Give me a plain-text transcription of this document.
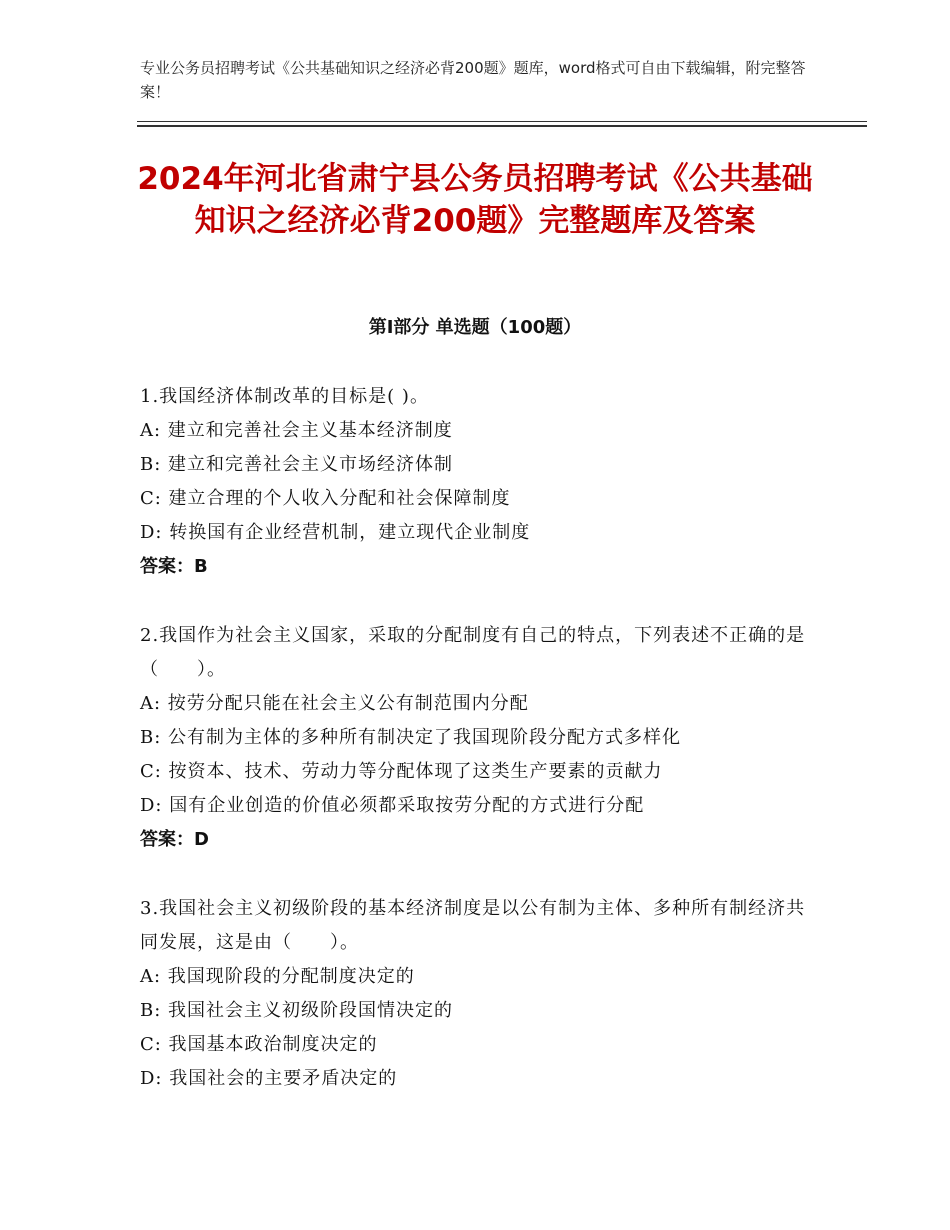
专业公务员招聘考试《公共基础知识之经济必背200题》题库，word格式可自由下载编辑，附完整答案！
2024年河北省肃宁县公务员招聘考试《公共基础知识之经济必背200题》完整题库及答案
第Ⅰ部分 单选题（100题）
1.我国经济体制改革的目标是( )。
A: 建立和完善社会主义基本经济制度
B: 建立和完善社会主义市场经济体制
C: 建立合理的个人收入分配和社会保障制度
D: 转换国有企业经营机制，建立现代企业制度
答案：B
2.我国作为社会主义国家，采取的分配制度有自己的特点，下列表述不正确的是（　　）。
A: 按劳分配只能在社会主义公有制范围内分配
B: 公有制为主体的多种所有制决定了我国现阶段分配方式多样化
C: 按资本、技术、劳动力等分配体现了这类生产要素的贡献力
D: 国有企业创造的价值必须都采取按劳分配的方式进行分配
答案：D
3.我国社会主义初级阶段的基本经济制度是以公有制为主体、多种所有制经济共同发展，这是由（　　）。
A: 我国现阶段的分配制度决定的
B: 我国社会主义初级阶段国情决定的
C: 我国基本政治制度决定的
D: 我国社会的主要矛盾决定的
